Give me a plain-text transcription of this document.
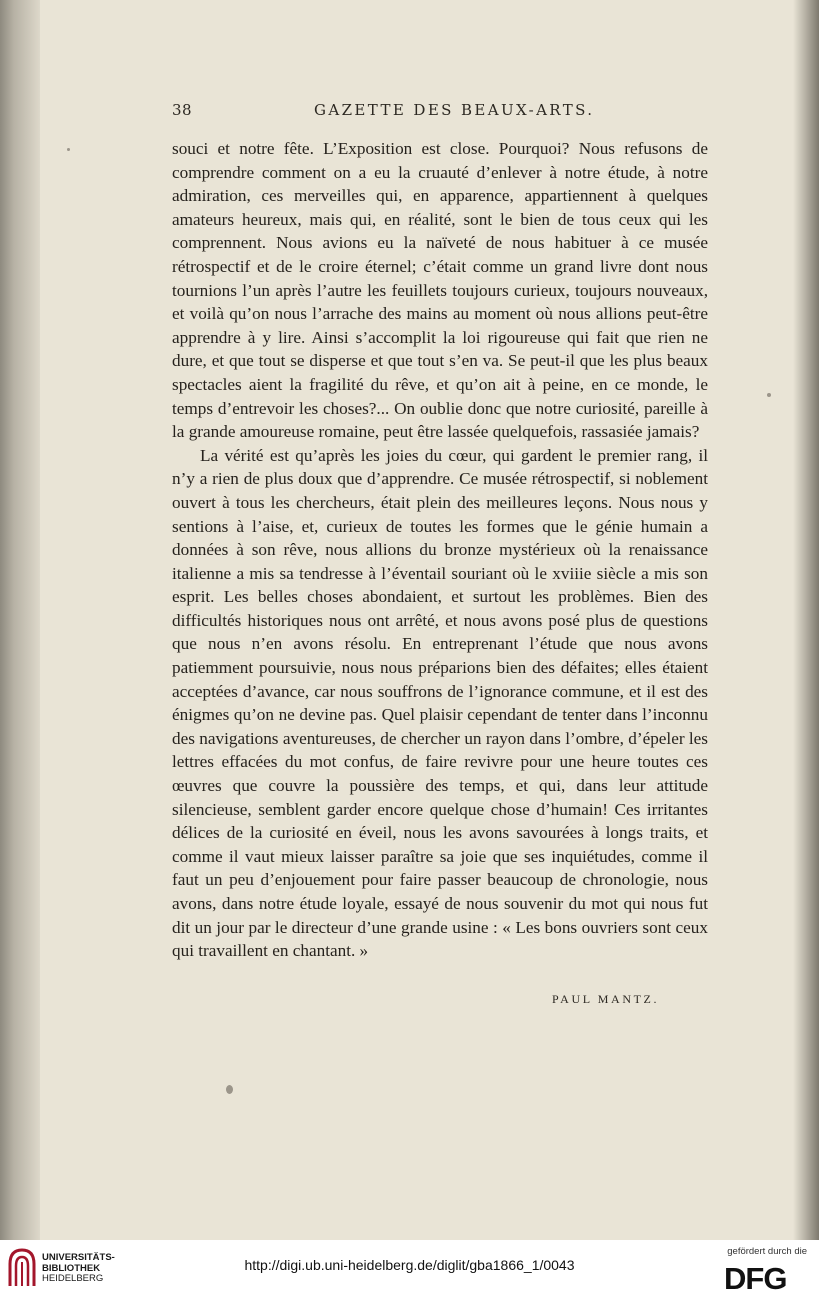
38	GAZETTE DES BEAUX-ARTS.

souci et notre fête. L’Exposition est close. Pourquoi? Nous refusons de comprendre comment on a eu la cruauté d’enlever à notre étude, à notre admiration, ces merveilles qui, en apparence, appartiennent à quelques amateurs heureux, mais qui, en réalité, sont le bien de tous ceux qui les comprennent. Nous avions eu la naïveté de nous habituer à ce musée rétrospectif et de le croire éternel; c’était comme un grand livre dont nous tournions l’un après l’autre les feuillets toujours curieux, toujours nouveaux, et voilà qu’on nous l’arrache des mains au moment où nous allions peut-être apprendre à y lire. Ainsi s’accomplit la loi rigoureuse qui fait que rien ne dure, et que tout se disperse et que tout s’en va. Se peut-il que les plus beaux spectacles aient la fragilité du rêve, et qu’on ait à peine, en ce monde, le temps d’entrevoir les choses?... On oublie donc que notre curiosité, pareille à la grande amoureuse romaine, peut être lassée quelquefois, rassasiée jamais?

La vérité est qu’après les joies du cœur, qui gardent le premier rang, il n’y a rien de plus doux que d’apprendre. Ce musée rétrospectif, si noblement ouvert à tous les chercheurs, était plein des meilleures leçons. Nous nous y sentions à l’aise, et, curieux de toutes les formes que le génie humain a données à son rêve, nous allions du bronze mystérieux où la renaissance italienne a mis sa tendresse à l’éventail souriant où le xviiie siècle a mis son esprit. Les belles choses abondaient, et surtout les problèmes. Bien des difficultés historiques nous ont arrêté, et nous avons posé plus de questions que nous n’en avons résolu. En entreprenant l’étude que nous avons patiemment poursuivie, nous nous préparions bien des défaites; elles étaient acceptées d’avance, car nous souffrons de l’ignorance commune, et il est des énigmes qu’on ne devine pas. Quel plaisir cependant de tenter dans l’inconnu des navigations aventureuses, de chercher un rayon dans l’ombre, d’épeler les lettres effacées du mot confus, de faire revivre pour une heure toutes ces œuvres que couvre la poussière des temps, et qui, dans leur attitude silencieuse, semblent garder encore quelque chose d’humain! Ces irritantes délices de la curiosité en éveil, nous les avons savourées à longs traits, et comme il vaut mieux laisser paraître sa joie que ses inquiétudes, comme il faut un peu d’enjouement pour faire passer beaucoup de chronologie, nous avons, dans notre étude loyale, essayé de nous souvenir du mot qui nous fut dit un jour par le directeur d’une grande usine : « Les bons ouvriers sont ceux qui travaillent en chantant. »

PAUL MANTZ.
UNIVERSITÄTS-
BIBLIOTHEK
HEIDELBERG
http://digi.ub.uni-heidelberg.de/diglit/gba1866_1/0043
gefördert durch die
DFG
